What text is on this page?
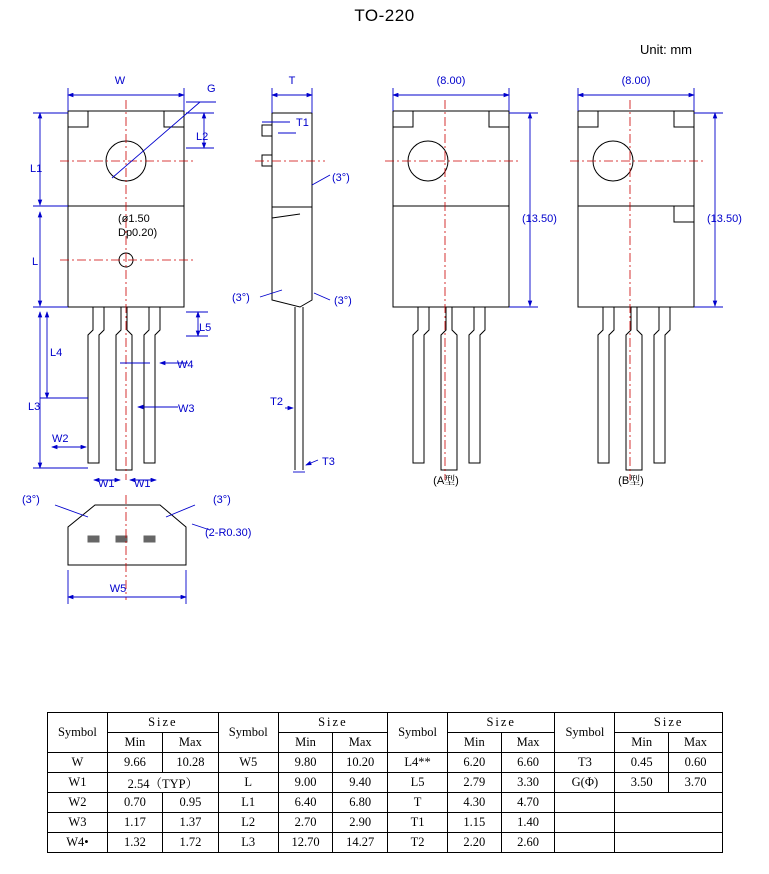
TO-220
Unit: mm
W
G
L2
L1
L
L5
L4
W4
W3
L3
W2
W1 W1
W5
(ø1.50
Dp0.20)
(3°)	(3°)
(2-R0.30)
T
T1
T2
T3
(3°)
(3°)	(3°)
(8.00)
(13.50)
(A型)
(8.00)
(13.50)
(B型)
Symbol	Size		Symbol	Size		Symbol	Size		Symbol	Size	
	Min	Max		Min	Max		Min	Max		Min	Max
W	9.66	10.28	W5	9.80	10.20	L4**	6.20	6.60	T3	0.45	0.60
W1	2.54（TYP）		L	9.00	9.40	L5	2.79	3.30	G(Φ)	3.50	3.70
W2	0.70	0.95	L1	6.40	6.80	T	4.30	4.70			
W3	1.17	1.37	L2	2.70	2.90	T1	1.15	1.40			
W4•	1.32	1.72	L3	12.70	14.27	T2	2.20	2.60			
